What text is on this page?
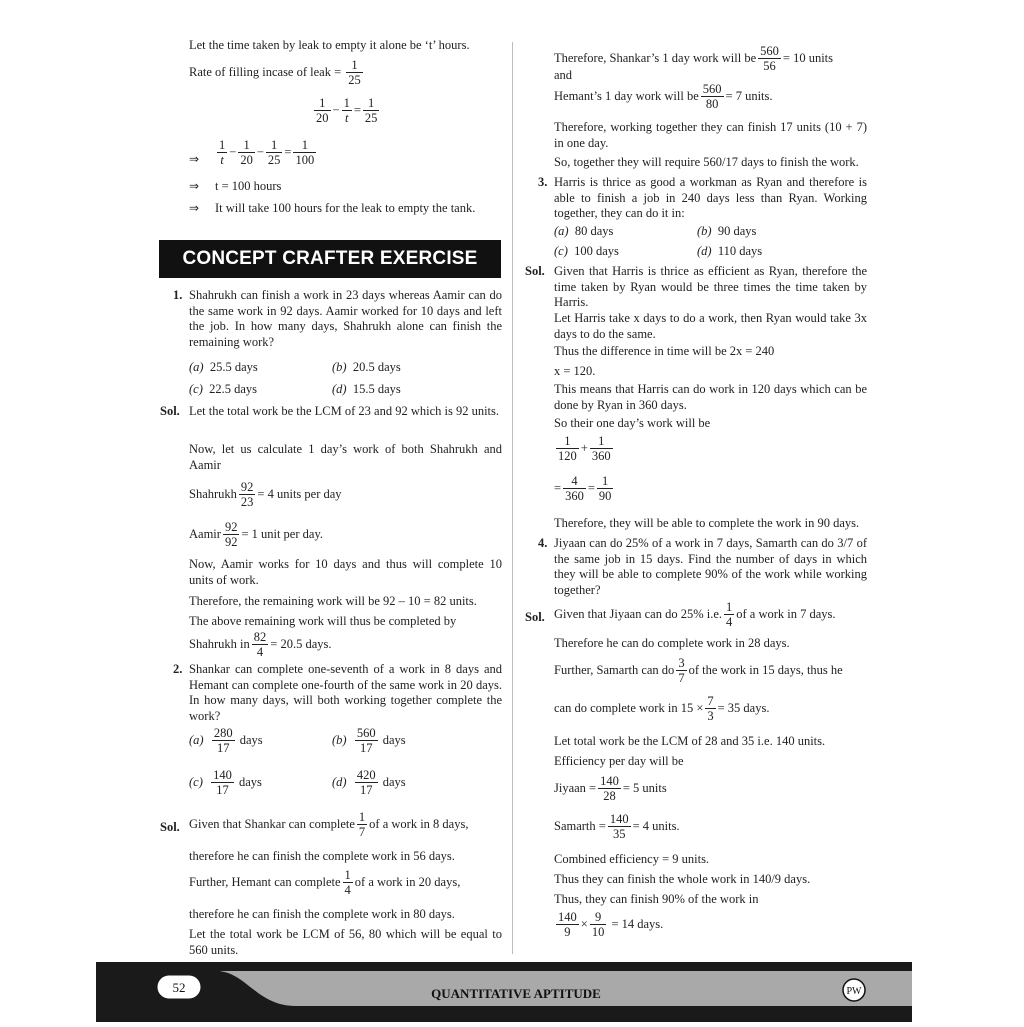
Let the time taken by leak to empty it alone be ‘t’ hours.

Rate of filling incase of leak = $\frac{1}{25}$
$\frac{1}{20} - \frac{1}{t} = \frac{1}{25}$
⇒ $\frac{1}{t} - \frac{1}{20} - \frac{1}{25} = \frac{1}{100}$
⇒ t = 100 hours

⇒ It will take 100 hours for the leak to empty the tank.

1. Shahrukh can finish a work in 23 days whereas Aamir can do the same work in 92 days. Aamir worked for 10 days and left the job. In how many days, Shahrukh alone can finish the remaining work?

(a) 25.5 days	(b) 20.5 days
(c) 22.5 days	(d) 15.5 days
Sol. Let the total work be the LCM of 23 and 92 which is 92 units.

Now, let us calculate 1 day’s work of both Shahrukh and Aamir

Shahrukh $\frac{92}{23} = 4$ units per day
Aamir $\frac{92}{92} = 1$ unit per day.

Now, Aamir works for 10 days and thus will complete 10 units of work.

Therefore, the remaining work will be 92 – 10 = 82 units.

The above remaining work will thus be completed by

Shahrukh in $\frac{82}{4} = 20.5$ days.
2. Shankar can complete one-seventh of a work in 8 days and Hemant can complete one-fourth of the same work in 20 days. In how many days, will both working together complete the work?

$(a) \frac{280}{17}$ days	$(b) \frac{560}{17}$ days
$(c) \frac{140}{17}$ days	$(d) \frac{420}{17}$ days
Sol. Given that Shankar can complete $\frac{1}{7}$ of a work in 8 days,

therefore he can finish the complete work in 56 days.

Further, Hemant can complete $\frac{1}{4}$ of a work in 20 days,

therefore he can finish the complete work in 80 days.

Let the total work be LCM of 56, 80 which will be equal to 560 units.

CONCEPT CRAFTER EXERCISE
Therefore, Shankar’s 1 day work will be $\frac{560}{56} = 10$ units

and

Hemant’s 1 day work will be $\frac{560}{80} = 7$ units.

Therefore, working together they can finish 17 units (10 + 7) in one day.

So, together they will require 560/17 days to finish the work.

3. Harris is thrice as good a workman as Ryan and therefore is able to finish a job in 240 days less than Ryan. Working together, they can do it in:

(a) 80 days	(b) 90 days
(c) 100 days	(d) 110 days
Sol. Given that Harris is thrice as efficient as Ryan, therefore the time taken by Ryan would be three times the time taken by Harris.

Let Harris take x days to do a work, then Ryan would take 3x days to do the same.

Thus the difference in time will be 2x = 240

x = 120.

This means that Harris can do work in 120 days which can be done by Ryan in 360 days.

So their one day’s work will be

$\frac{1}{120} + \frac{1}{360}$
= $\frac{4}{360} = \frac{1}{90}$

Therefore, they will be able to complete the work in 90 days.

4. Jiyaan can do 25% of a work in 7 days, Samarth can do 3/7 of the same job in 15 days. Find the number of days in which they will be able to complete 90% of the work while working together?

Sol. Given that Jiyaan can do 25% i.e. $\frac{1}{4}$ of a work in 7 days.

Therefore he can do complete work in 28 days.

Further, Samarth can do $\frac{3}{7}$ of the work in 15 days, thus he
can do complete work in $15 \times \frac{7}{3} = 35$ days.

Let total work be the LCM of 28 and 35 i.e. 140 units.

Efficiency per day will be

Jiyaan = $\frac{140}{28} = 5$ units
Samarth = $\frac{140}{35} = 4$ units.

Combined efficiency = 9 units.

Thus they can finish the whole work in 140/9 days.

Thus, they can finish 90% of the work in

$\frac{140}{9} \times \frac{9}{10} = 14$ days.
52	QUANTITATIVE APTITUDE	PW
